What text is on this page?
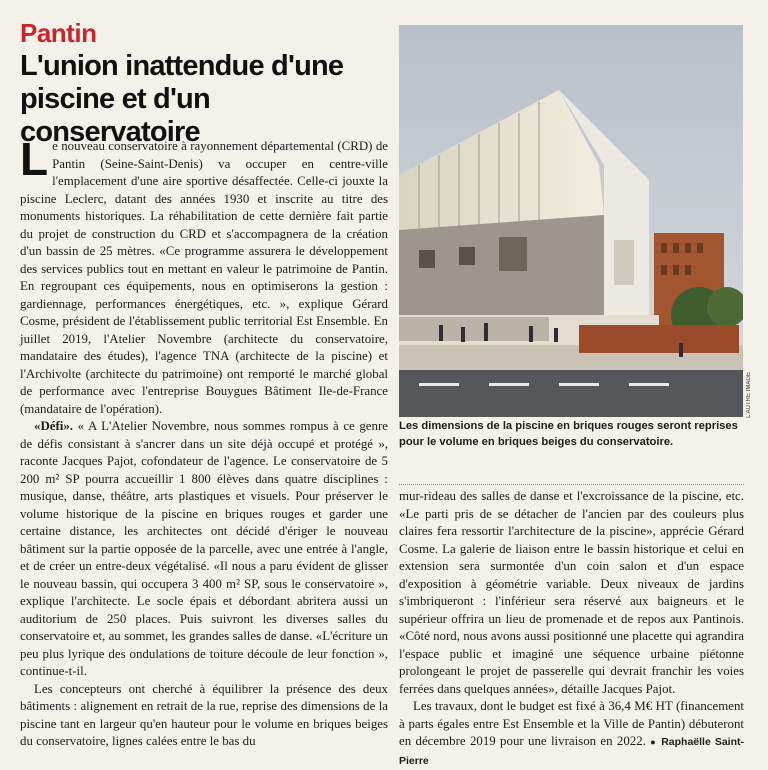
Pantin
L'union inattendue d'une piscine et d'un conservatoire

Le nouveau conservatoire à rayonnement départemental (CRD) de Pantin (Seine-Saint-Denis) va occuper en centre-ville l'emplacement d'une aire sportive désaffectée. Celle-ci jouxte la piscine Leclerc, datant des années 1930 et inscrite au titre des monuments historiques. La réhabilitation de cette dernière fait partie du projet de construction du CRD et s'accompagnera de la création d'un bassin de 25 mètres. «Ce programme assurera le développement des services publics tout en mettant en valeur le patrimoine de Pantin. En regroupant ces équipements, nous en optimiserons la gestion : gardiennage, performances énergétiques, etc. », explique Gérard Cosme, président de l'établissement public territorial Est Ensemble. En juillet 2019, l'Atelier Novembre (architecte du conservatoire, mandataire des études), l'agence TNA (architecte de la piscine) et l'Archivolte (architecte du patrimoine) ont remporté le marché global de performance avec l'entreprise Bouygues Bâtiment Ile-de-France (mandataire de l'opération).

«Défi». « A L'Atelier Novembre, nous sommes rompus à ce genre de défis consistant à s'ancrer dans un site déjà occupé et protégé », raconte Jacques Pajot, cofondateur de l'agence. Le conservatoire de 5 200 m² SP pourra accueillir 1 800 élèves dans quatre disciplines : musique, danse, théâtre, arts plastiques et visuels. Pour préserver le volume historique de la piscine en briques rouges et garder une certaine distance, les architectes ont décidé d'ériger le nouveau bâtiment sur la partie opposée de la parcelle, avec une entrée à l'angle, et de créer un entre-deux végétalisé. «Il nous a paru évident de glisser le nouveau bassin, qui occupera 3 400 m² SP, sous le conservatoire », explique l'architecte. Le socle épais et débordant abritera aussi un auditorium de 250 places. Puis suivront les diverses salles du conservatoire et, au sommet, les grandes salles de danse. «L'écriture un peu plus lyrique des ondulations de toiture découle de leur fonction », continue-t-il.

Les concepteurs ont cherché à équilibrer la présence des deux bâtiments : alignement en retrait de la rue, reprise des dimensions de la piscine tant en largeur qu'en hauteur pour le volume en briques beiges du conservatoire, lignes calées entre le bas du

L'AUTRE IMAGE
Les dimensions de la piscine en briques rouges seront reprises pour le volume en briques beiges du conservatoire.

mur-rideau des salles de danse et l'excroissance de la piscine, etc. «Le parti pris de se détacher de l'ancien par des couleurs plus claires fera ressortir l'architecture de la piscine», apprécie Gérard Cosme. La galerie de liaison entre le bassin historique et celui en extension sera surmontée d'un coin salon et d'un espace d'exposition à géométrie variable. Deux niveaux de jardins s'imbriqueront : l'inférieur sera réservé aux baigneurs et le supérieur offrira un lieu de promenade et de repos aux Pantinois. «Côté nord, nous avons aussi positionné une placette qui agrandira l'espace public et imaginé une séquence urbaine piétonne prolongeant le projet de passerelle qui devrait franchir les voies ferrées dans quelques années», détaille Jacques Pajot.

Les travaux, dont le budget est fixé à 36,4 M€ HT (financement à parts égales entre Est Ensemble et la Ville de Pantin) débuteront en décembre 2019 pour une livraison en 2022. ● Raphaëlle Saint-Pierre
